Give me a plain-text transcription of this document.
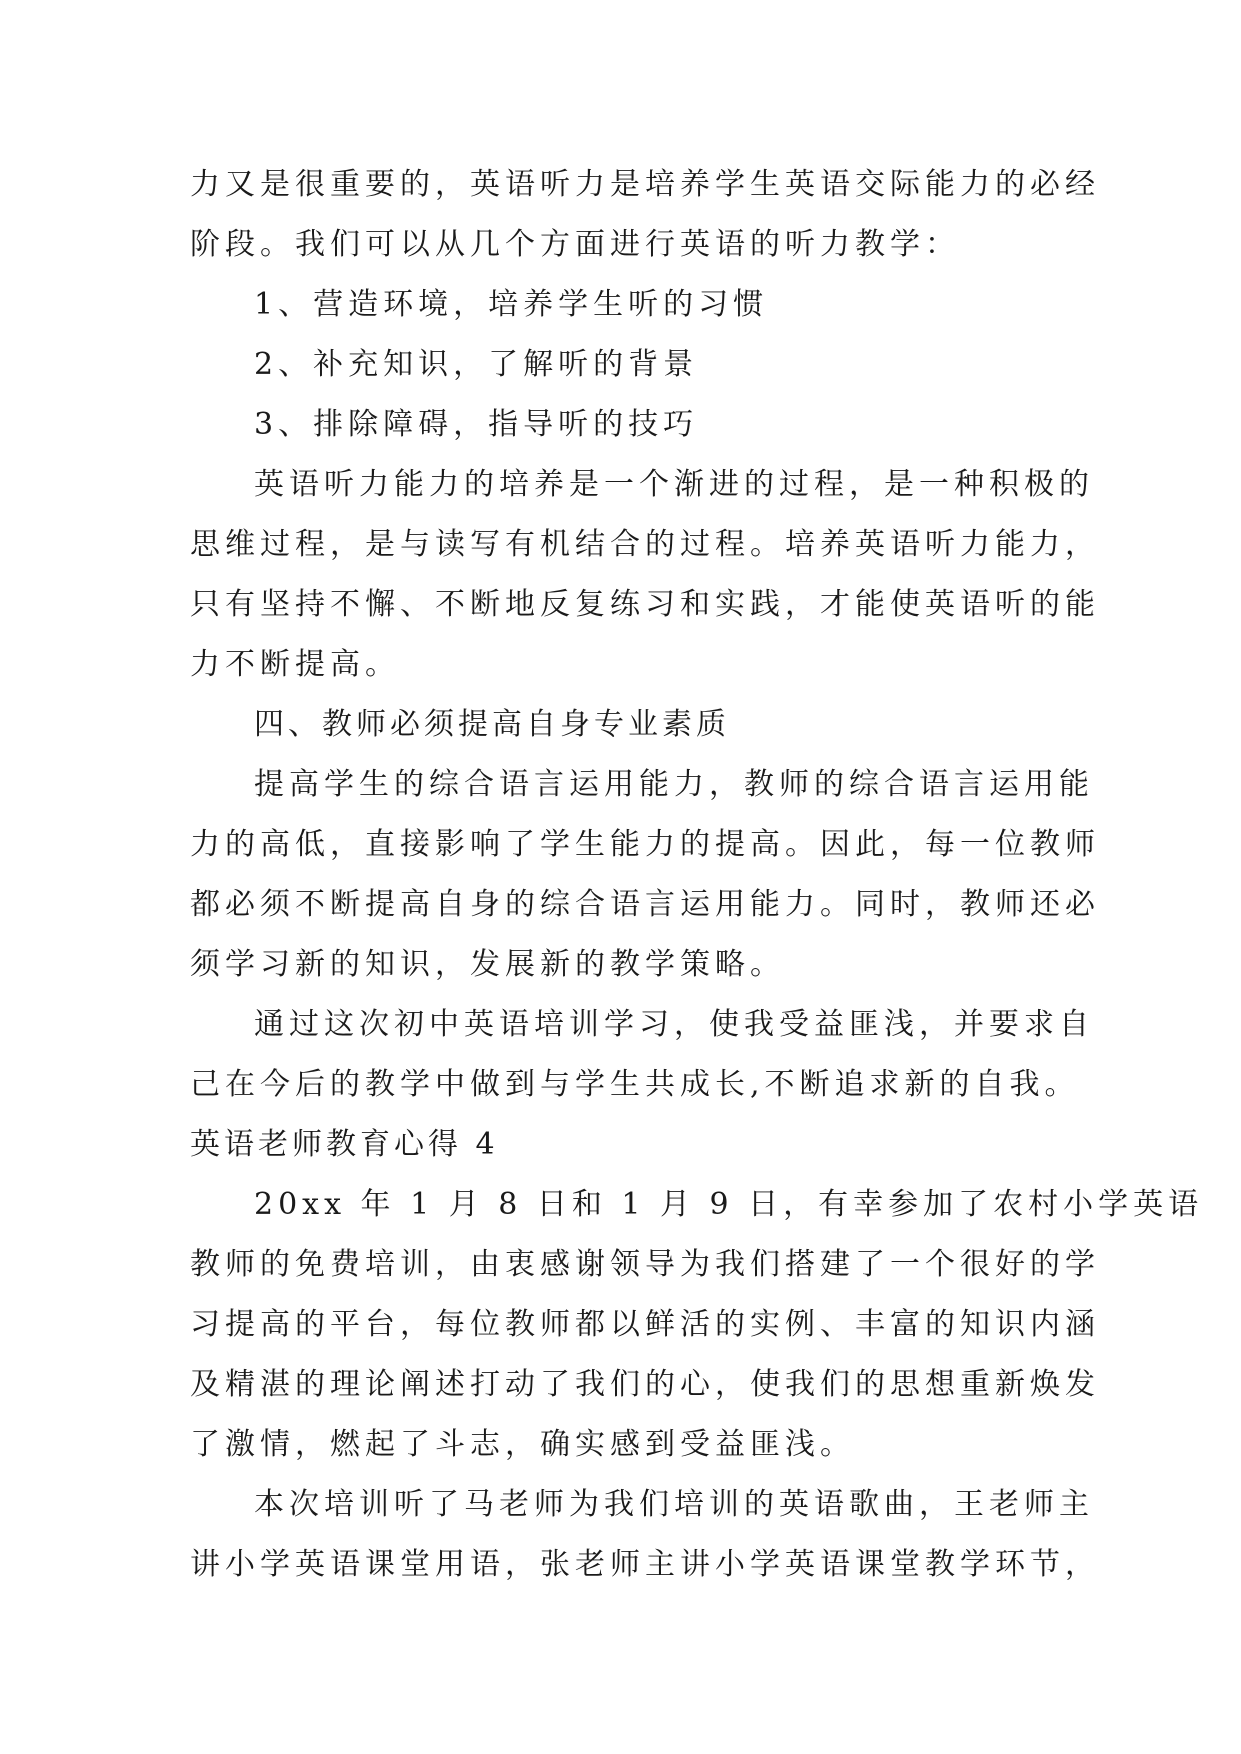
力又是很重要的，英语听力是培养学生英语交际能力的必经
阶段。我们可以从几个方面进行英语的听力教学：
1、营造环境，培养学生听的习惯
2、补充知识，了解听的背景
3、排除障碍，指导听的技巧
英语听力能力的培养是一个渐进的过程，是一种积极的
思维过程，是与读写有机结合的过程。培养英语听力能力，
只有坚持不懈、不断地反复练习和实践，才能使英语听的能
力不断提高。
四、教师必须提高自身专业素质
提高学生的综合语言运用能力，教师的综合语言运用能
力的高低，直接影响了学生能力的提高。因此，每一位教师
都必须不断提高自身的综合语言运用能力。同时，教师还必
须学习新的知识，发展新的教学策略。
通过这次初中英语培训学习，使我受益匪浅，并要求自
己在今后的教学中做到与学生共成长,不断追求新的自我。
英语老师教育心得 4
20xx 年 1 月 8 日和 1 月 9 日，有幸参加了农村小学英语
教师的免费培训，由衷感谢领导为我们搭建了一个很好的学
习提高的平台，每位教师都以鲜活的实例、丰富的知识内涵
及精湛的理论阐述打动了我们的心，使我们的思想重新焕发
了激情，燃起了斗志，确实感到受益匪浅。
本次培训听了马老师为我们培训的英语歌曲，王老师主
讲小学英语课堂用语，张老师主讲小学英语课堂教学环节，
